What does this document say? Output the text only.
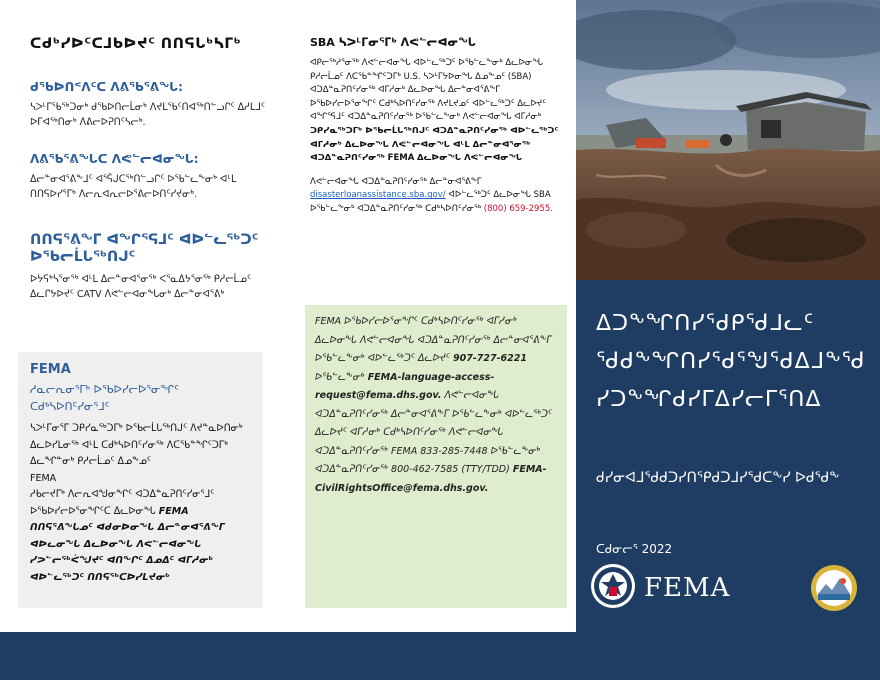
ᑕᑯᒃᓯᐅᑦᑕᒧᑲᐅᔪᑦ ᑎᑎᕋᒐᒃᓴᒥᒃ
ᑯᖃᐅᑎᑉᐱᑦᑕ ᐱᕕᖃᕐᕕᖓ:

ᓴᐳᒻᒥᖃᖅᑐᓂᒃ ᑯᖃᐅᑎᓕᒫᓂᒃ ᐱᔪᒪᖃᑦᑎᐊᖅᑎᓪᓗᒋᑦ ᐃᓱᒪᒧᑦ ᐅᒥᐊᖅᑎᓂᒃ ᐱᕕᓕᐅᕈᑎᑦᓴᓕᒃ.

ᐱᕕᖃᕐᕕᖓᑕ ᐱᕙᓪᓕᐊᓂᖓ:

ᐃᓕᓐᓂᐊᕐᕕᖕᒧᑦ ᐊᕐᕌᒍᑕᖅᑎᓪᓗᒋᑦ ᐅᖃᓪᓚᖕᓂᒃ ᐊᒻᒪ ᑎᑎᕋᐅᓯᕐᒥᒃ ᐱᓕᕆᐊᕆᓕᐅᕐᕕᓕᐅᑎᑦᓯᔪᓂᒃ.

ᑎᑎᕋᕐᕕᖕᒥ ᐊᖏᕐᕋᒧᑦ ᐊᐅᓪᓚᖅᑐᑦ ᐅᖃᓕᒫᒐᖅᑎᒍᑦ

ᐅᔭᕋᒃᓴᕐᓂᖅ ᐊᒻᒪ ᐃᓕᓐᓂᐊᕐᓂᖅ ᐸᕐᓇᐃᔭᕐᓂᖅ ᑭᓱᓕᒫᓄᑦ ᐃᓚᒋᔭᐅᔪᑦ CATV ᐱᕙᓪᓕᐊᓂᖓᓂᒃ ᐃᓕᓐᓂᐊᕐᕕᒃ

FEMA
ᓱᓇᓕᕆᓂᕐᒥᒃ ᐅᖃᐅᓯᓕᐅᕐᓂᖏᑦ ᑕᑯᒃᓴᐅᑎᑦᓯᓂᕐᒧᑦ

ᓴᐳᒻᒥᓂᕐᒥ ᑐᑭᓯᓇᖅᑐᒥᒃ ᐅᖃᓕᒫᒐᖅᑎᒍᑦ ᐱᔪᓐᓇᐅᑎᓂᒃ ᐃᓚᐅᓯᒪᓂᖅ ᐊᒻᒪ ᑕᑯᒃᓴᐅᑎᑦᓯᓂᖅ ᐱᑕᖃᓐᖏᑦᑐᒥᒃ ᐃᓚᖏᓐᓂᒃ ᑭᓱᓕᒫᓄᑦ ᐃᓄᖕᓄᑦ
FEMA
ᓱᑲᓕᔪᒥᒃ ᐱᓕᕆᐊᖑᓂᖏᑦ ᐊᑐᐃᓐᓇᕈᑎᑦᓯᓂᕐᒧᑦ ᐅᖃᐅᓯᓕᐅᕐᓂᖏᑦᑕ ᐃᓚᐅᓂᖓ FEMA ᑎᑎᕋᕐᕕᖓᓄᑦ ᐊᑯᓂᐅᓂᖓ ᐃᓕᓐᓂᐊᕐᕕᖕᒥ ᐊᐅᓚᓂᖓ ᐃᓚᐅᓂᖓ ᐱᕙᓪᓕᐊᓂᖓ ᓯᕗᓪᓕᖅᐹᖑᔪᑦ ᐊᑎᖏᑦ ᐃᓄᐃᑦ ᐊᒥᓱᓂᒃ ᐊᐅᓪᓚᖅᑐᑦ ᑎᑎᕋᖅᑕᐅᓯᒪᔪᓂᒃ

SBA ᓴᐳᒻᒥᓂᕐᒥᒃ ᐱᕙᓪᓕᐊᓂᖓ

ᐊᑭᓕᖅᓱᕐᓂᖅ ᐱᕙᓪᓕᐊᓂᖓ ᐊᐅᓪᓚᖅᑐᑦ ᐅᖃᓪᓚᖕᓂᒃ ᐃᓚᐅᓂᖓ ᑭᓱᓕᒫᓄᑦ ᐱᑕᖃᓐᖏᑦᑐᒥᒃ U.S. ᓴᐳᒻᒥᔭᐅᓂᖓ ᐃᓄᖕᓄᑦ (SBA) ᐊᑐᐃᓐᓇᕈᑎᑦᓯᓂᖅ ᐊᒥᓱᓂᒃ ᐃᓚᐅᓂᖓ ᐃᓕᓐᓂᐊᕐᕕᖕᒥ ᐅᖃᐅᓯᓕᐅᕐᓂᖏᑦ ᑕᑯᒃᓴᐅᑎᑦᓯᓂᖅ ᐱᔪᒪᔪᓄᑦ ᐊᐅᓪᓚᖅᑐᑦ ᐃᓚᐅᔪᑦ ᐊᖏᕐᕋᒧᑦ ᐊᑐᐃᓐᓇᕈᑎᑦᓯᓂᖅ ᐅᖃᓪᓚᖕᓂᒃ ᐱᕙᓪᓕᐊᓂᖓ ᐊᒥᓱᓂᒃ ᑐᑭᓯᓇᖅᑐᒥᒃ ᐅᖃᓕᒫᒐᖅᑎᒍᑦ ᐊᑐᐃᓐᓇᕈᑎᑦᓯᓂᖅ ᐊᐅᓪᓚᖅᑐᑦ ᐊᒥᓱᓂᒃ ᐃᓚᐅᓂᖓ ᐱᕙᓪᓕᐊᓂᖓ ᐊᒻᒪ ᐃᓕᓐᓂᐊᕐᓂᖅ ᐊᑐᐃᓐᓇᕈᑎᑦᓯᓂᖅ FEMA ᐃᓚᐅᓂᖓ ᐱᕙᓪᓕᐊᓂᖓ

ᐱᕙᓪᓕᐊᓂᖓ ᐊᑐᐃᓐᓇᕈᑎᑦᓯᓂᖅ ᐃᓕᓐᓂᐊᕐᕕᖕᒥ disasterloanassistance.sba.gov/ ᐊᐅᓪᓚᖅᑐᑦ ᐃᓚᐅᓂᖓ SBA ᐅᖃᓪᓚᖕᓂᒃ ᐊᑐᐃᓐᓇᕈᑎᑦᓯᓂᖅ ᑕᑯᒃᓴᐅᑎᑦᓯᓂᖅ (800) 659-2955.

FEMA ᐅᖃᐅᓯᓕᐅᕐᓂᖏᑦ ᑕᑯᒃᓴᐅᑎᑦᓯᓂᖅ ᐊᒥᓱᓂᒃ ᐃᓚᐅᓂᖓ ᐱᕙᓪᓕᐊᓂᖓ ᐊᑐᐃᓐᓇᕈᑎᑦᓯᓂᖅ ᐃᓕᓐᓂᐊᕐᕕᖕᒥ ᐅᖃᓪᓚᖕᓂᒃ ᐊᐅᓪᓚᖅᑐᑦ ᐃᓚᐅᔪᑦ 907-727-6221 ᐅᖃᓪᓚᖕᓂᒃ FEMA-language-access-request@fema.dhs.gov. ᐱᕙᓪᓕᐊᓂᖓ ᐊᑐᐃᓐᓇᕈᑎᑦᓯᓂᖅ ᐃᓕᓐᓂᐊᕐᕕᖕᒥ ᐅᖃᓪᓚᖕᓂᒃ ᐊᐅᓪᓚᖅᑐᑦ ᐃᓚᐅᔪᑦ ᐊᒥᓱᓂᒃ ᑕᑯᒃᓴᐅᑎᑦᓯᓂᖅ ᐱᕙᓪᓕᐊᓂᖓ ᐊᑐᐃᓐᓇᕈᑎᑦᓯᓂᖅ FEMA 833-285-7448 ᐅᖃᓪᓚᖕᓂᒃ ᐊᑐᐃᓐᓇᕈᑎᑦᓯᓂᖅ 800-462-7585 (TTY/TDD) FEMA-CivilRightsOffice@fema.dhs.gov.

ᐃᑐᖕᖏᑎᓯᕐᑯᑭᖁᒧᓚᑦ ᖁᑯᖕᖏᑎᓯᕐᑯᕐᖑᕐᑯᐃᒧᖕᖁ ᓯᑐᖕᖏᑯᓯᒥᐃᓯᓕᒥᕐᑎᐃ
ᑯᓯᓂᐊᒧᖁᑯᑐᓯᑎᕐᑭᑯᑐᒧᓯᖁᑕᖕᓯ ᐅᑯᖁᖕ
ᑕᑯᓂᓕᕐ 2022
FEMA
